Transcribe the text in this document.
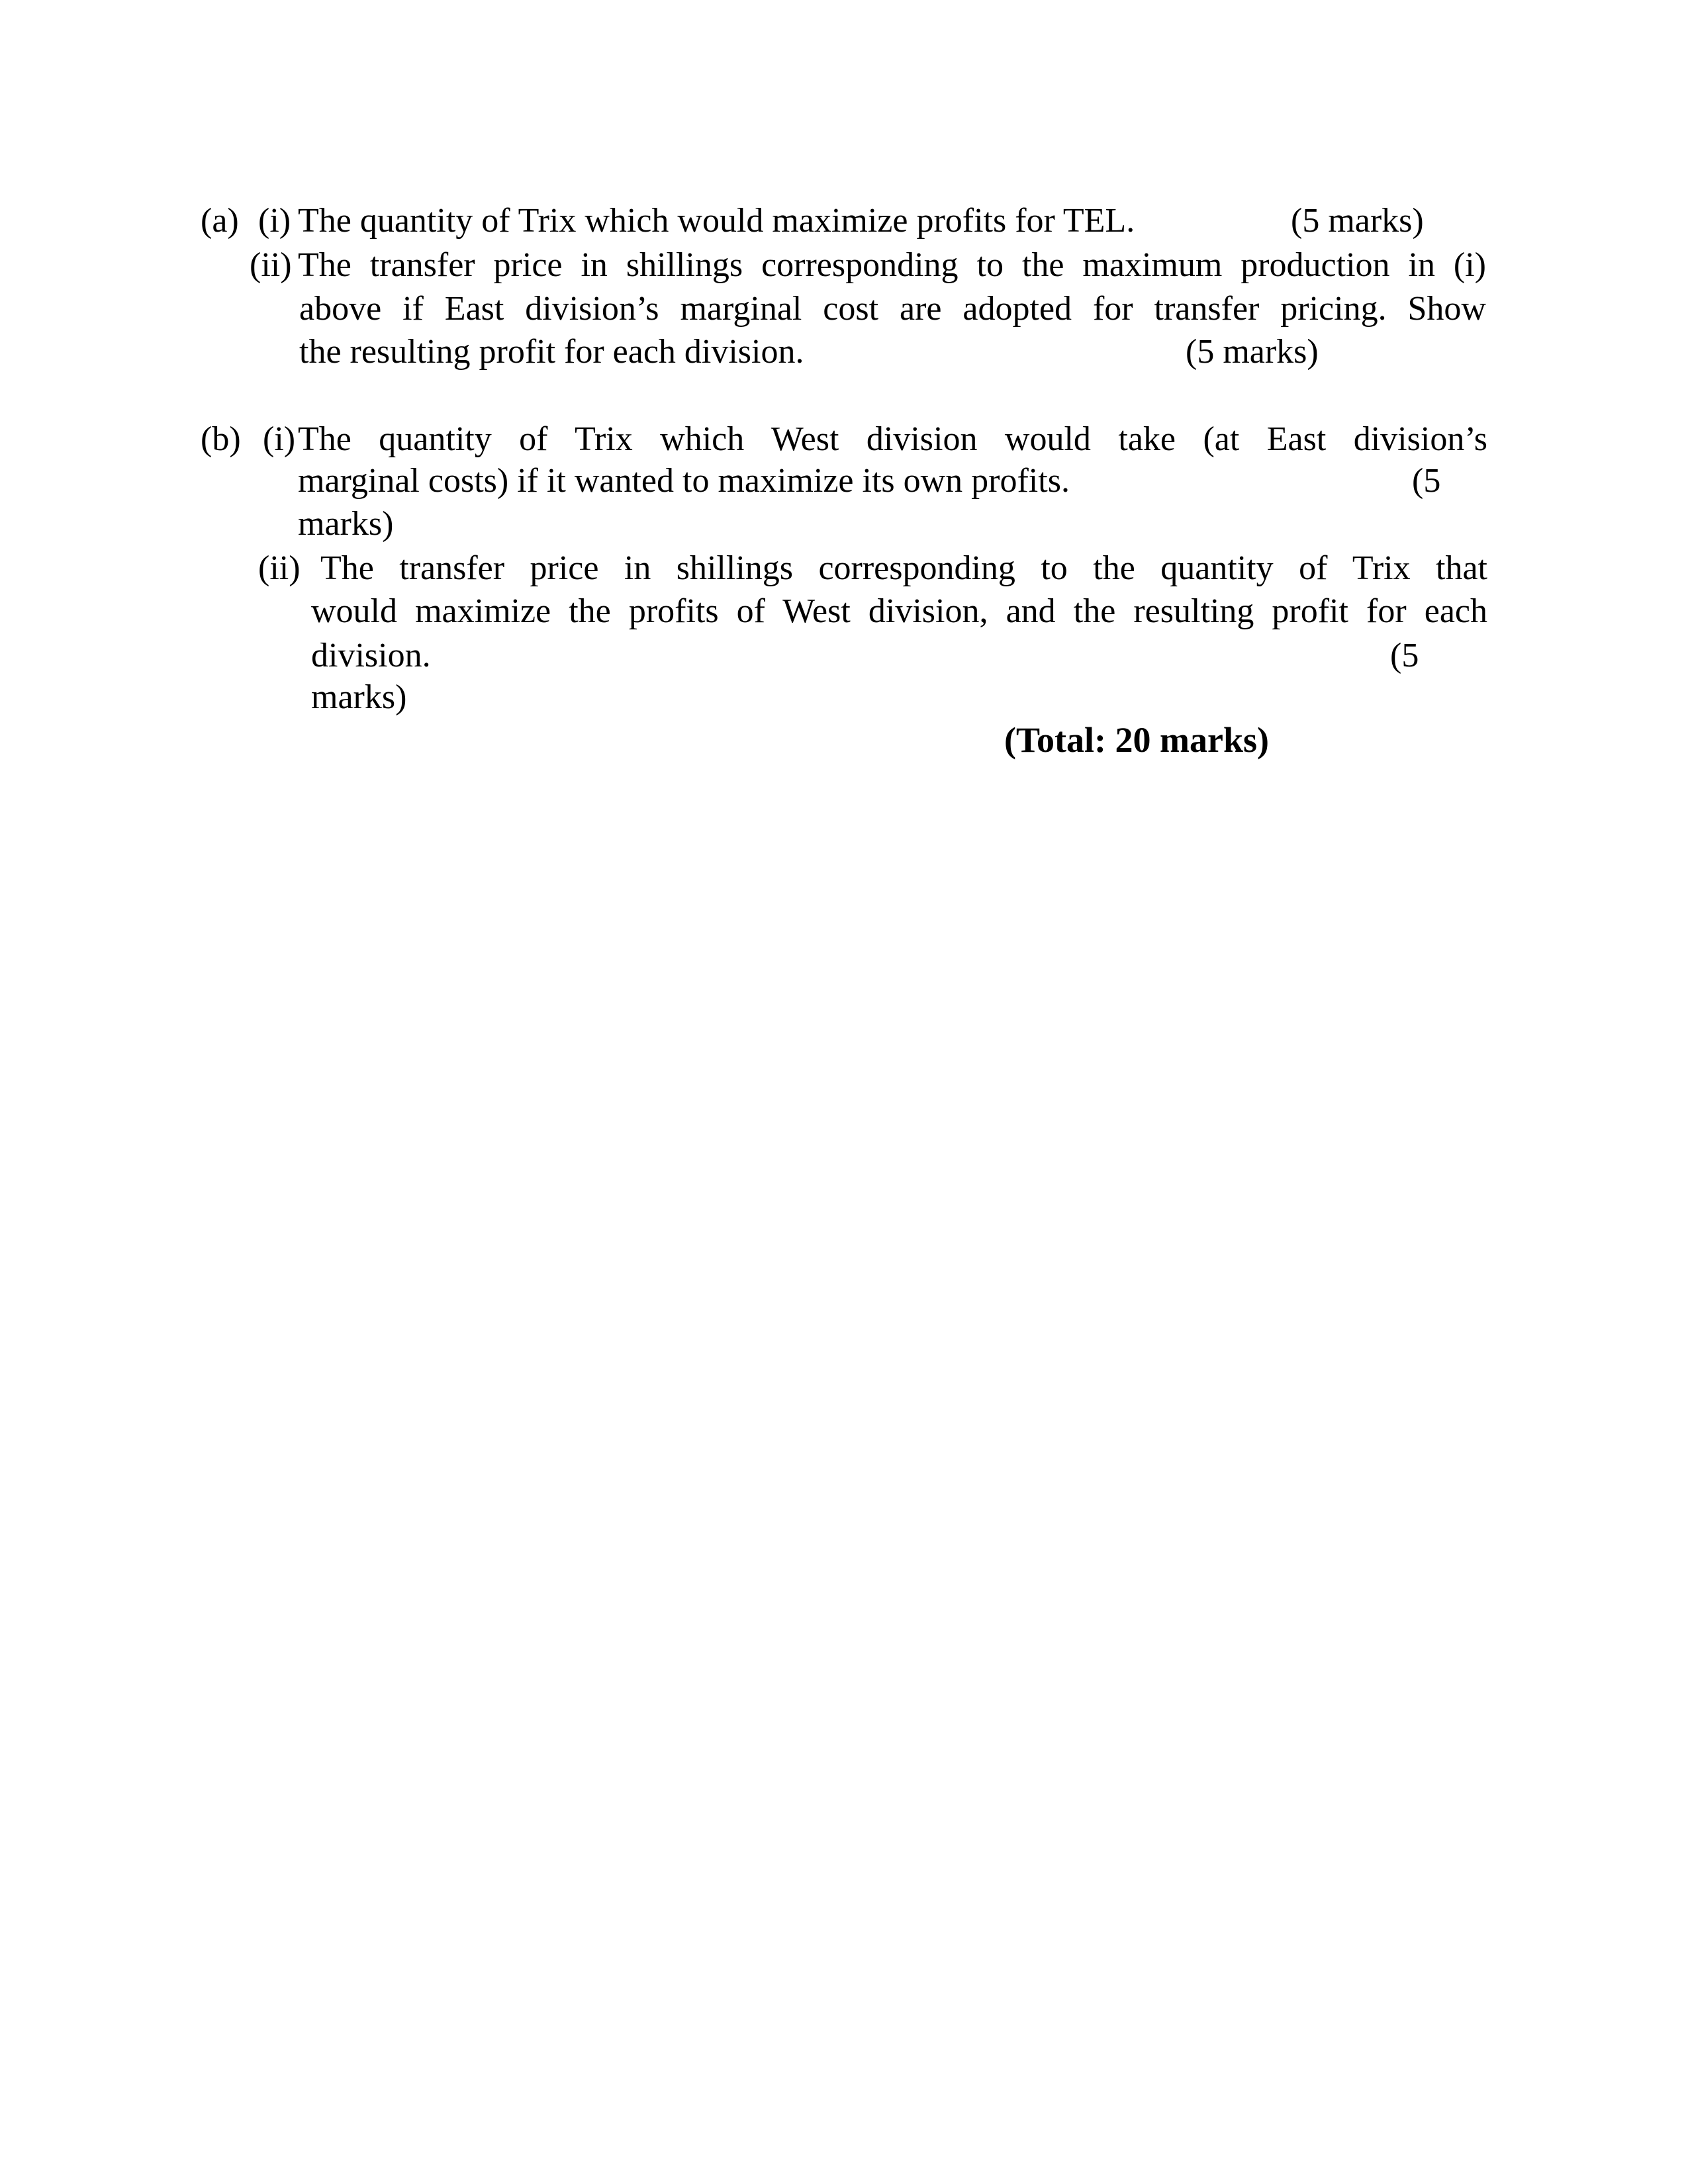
(a) (i) The quantity of Trix which would maximize profits for TEL.	(5 marks)
(ii) The transfer price in shillings corresponding to the maximum production in (i)
above if East division’s marginal cost are adopted for transfer pricing. Show
the resulting profit for each division.	(5 marks)
(b) (i) The quantity of Trix which West division would take (at East division’s
marginal costs) if it wanted to maximize its own profits.	(5
marks)
(ii) The transfer price in shillings corresponding to the quantity of Trix that
would maximize the profits of West division, and the resulting profit for each
division.	(5
marks)
(Total: 20 marks)
